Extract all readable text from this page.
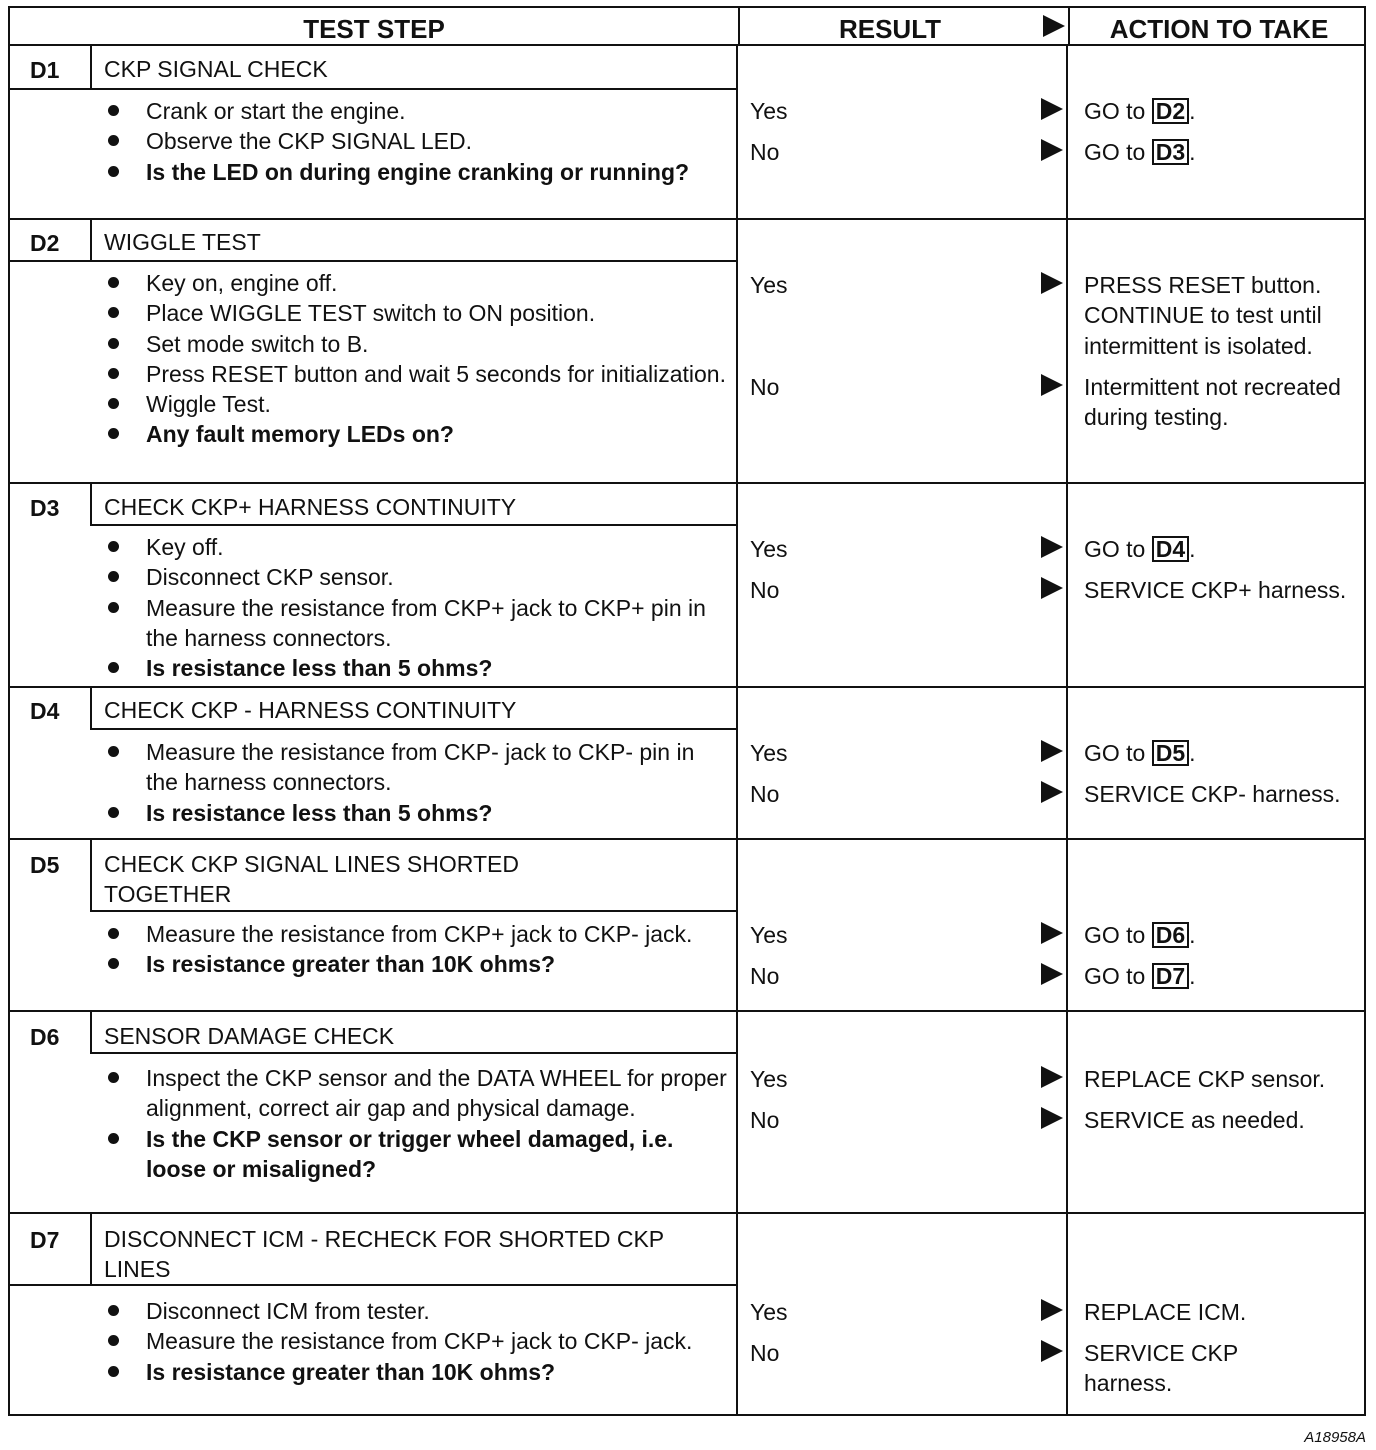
TEST STEP	RESULT	ACTION TO TAKE
D1 CKP SIGNAL CHECK
Crank or start the engine.
Observe the CKP SIGNAL LED.
Is the LED on during engine cranking or running?
Yes	GO to D2 .
No	GO to D3 .
D2 WIGGLE TEST
Key on, engine off.
Place WIGGLE TEST switch to ON position.
Set mode switch to B.
Press RESET button and wait 5 seconds for initialization.
Wiggle Test.
Any fault memory LEDs on?
Yes	PRESS RESET button. CONTINUE to test until intermittent is isolated.
No	Intermittent not recreated during testing.
D3 CHECK CKP+ HARNESS CONTINUITY
Key off.
Disconnect CKP sensor.
Measure the resistance from CKP+ jack to CKP+ pin in the harness connectors.
Is resistance less than 5 ohms?
Yes	GO to D4 .
No	SERVICE CKP+ harness.
D4 CHECK CKP - HARNESS CONTINUITY
Measure the resistance from CKP- jack to CKP- pin in the harness connectors.
Is resistance less than 5 ohms?
Yes	GO to D5 .
No	SERVICE CKP- harness.
D5 CHECK CKP SIGNAL LINES SHORTED TOGETHER
Measure the resistance from CKP+ jack to CKP- jack.
Is resistance greater than 10K ohms?
Yes	GO to D6 .
No	GO to D7 .
D6 SENSOR DAMAGE CHECK
Inspect the CKP sensor and the DATA WHEEL for proper alignment, correct air gap and physical damage.
Is the CKP sensor or trigger wheel damaged, i.e. loose or misaligned?
Yes	REPLACE CKP sensor.
No	SERVICE as needed.
D7 DISCONNECT ICM - RECHECK FOR SHORTED CKP LINES
Disconnect ICM from tester.
Measure the resistance from CKP+ jack to CKP- jack.
Is resistance greater than 10K ohms?
Yes	REPLACE ICM.
No	SERVICE CKP harness.
A18958A
